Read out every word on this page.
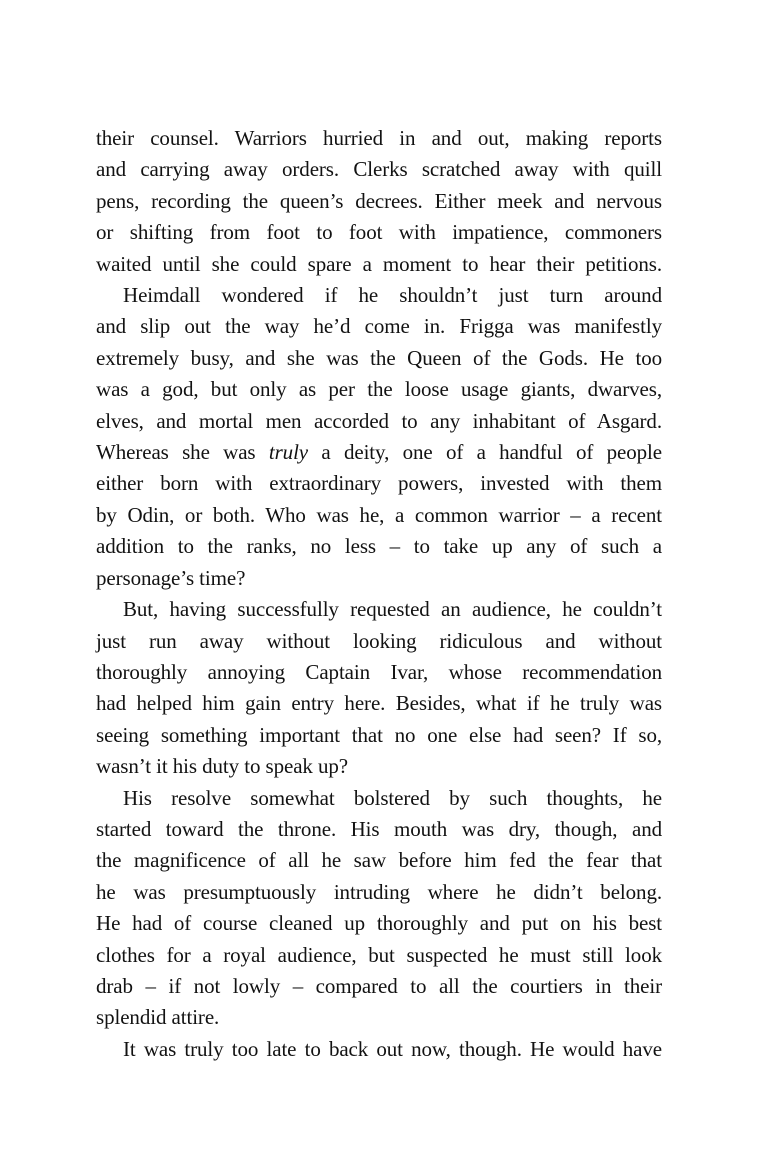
their counsel. Warriors hurried in and out, making reports
and carrying away orders. Clerks scratched away with quill
pens, recording the queen’s decrees. Either meek and nervous
or shifting from foot to foot with impatience, commoners
waited until she could spare a moment to hear their petitions.
Heimdall wondered if he shouldn’t just turn around
and slip out the way he’d come in. Frigga was manifestly
extremely busy, and she was the Queen of the Gods. He too
was a god, but only as per the loose usage giants, dwarves,
elves, and mortal men accorded to any inhabitant of Asgard.
Whereas she was truly a deity, one of a handful of people
either born with extraordinary powers, invested with them
by Odin, or both. Who was he, a common warrior – a recent
addition to the ranks, no less – to take up any of such a
personage’s time?
But, having successfully requested an audience, he couldn’t
just run away without looking ridiculous and without
thoroughly annoying Captain Ivar, whose recommendation
had helped him gain entry here. Besides, what if he truly was
seeing something important that no one else had seen? If so,
wasn’t it his duty to speak up?
His resolve somewhat bolstered by such thoughts, he
started toward the throne. His mouth was dry, though, and
the magnificence of all he saw before him fed the fear that
he was presumptuously intruding where he didn’t belong.
He had of course cleaned up thoroughly and put on his best
clothes for a royal audience, but suspected he must still look
drab – if not lowly – compared to all the courtiers in their
splendid attire.
It was truly too late to back out now, though. He would have
